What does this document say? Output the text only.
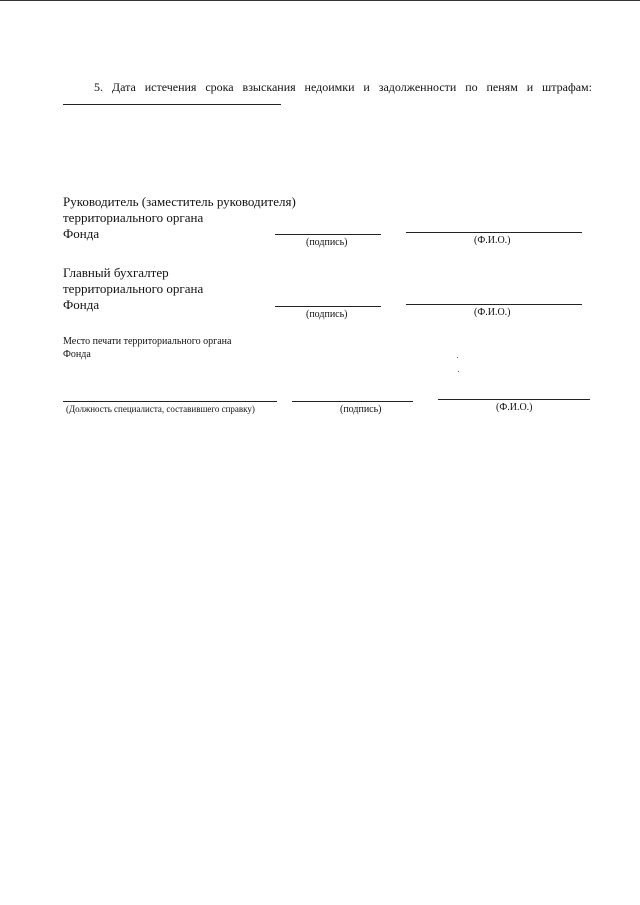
5. Дата истечения срока взыскания недоимки и задолженности по пеням и штрафам:
Руководитель (заместитель руководителя)
территориального органа
Фонда
(подпись)	(Ф.И.О.)
Главный бухгалтер
территориального органа
Фонда
(подпись)	(Ф.И.О.)
Место печати территориального органа
Фонда
(Должность специалиста, составившего справку)	(подпись)	(Ф.И.О.)
